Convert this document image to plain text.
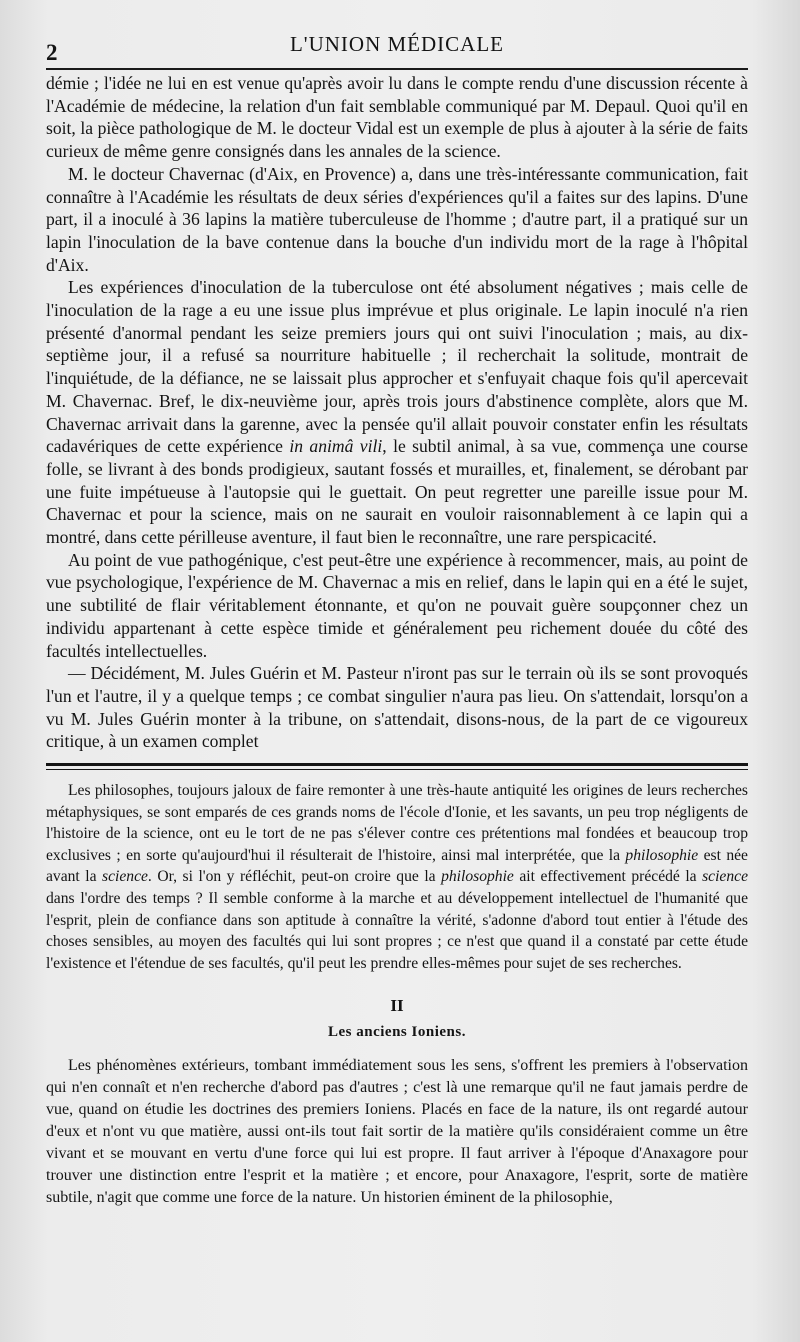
2	L'UNION MÉDICALE

démie ; l'idée ne lui en est venue qu'après avoir lu dans le compte rendu d'une discussion récente à l'Académie de médecine, la relation d'un fait semblable communiqué par M. Depaul. Quoi qu'il en soit, la pièce pathologique de M. le docteur Vidal est un exemple de plus à ajouter à la série de faits curieux de même genre consignés dans les annales de la science.

M. le docteur Chavernac (d'Aix, en Provence) a, dans une très-intéressante communication, fait connaître à l'Académie les résultats de deux séries d'expériences qu'il a faites sur des lapins. D'une part, il a inoculé à 36 lapins la matière tuberculeuse de l'homme ; d'autre part, il a pratiqué sur un lapin l'inoculation de la bave contenue dans la bouche d'un individu mort de la rage à l'hôpital d'Aix.

Les expériences d'inoculation de la tuberculose ont été absolument négatives ; mais celle de l'inoculation de la rage a eu une issue plus imprévue et plus originale. Le lapin inoculé n'a rien présenté d'anormal pendant les seize premiers jours qui ont suivi l'inoculation ; mais, au dix-septième jour, il a refusé sa nourriture habituelle ; il recherchait la solitude, montrait de l'inquiétude, de la défiance, ne se laissait plus approcher et s'enfuyait chaque fois qu'il apercevait M. Chavernac. Bref, le dix-neuvième jour, après trois jours d'abstinence complète, alors que M. Chavernac arrivait dans la garenne, avec la pensée qu'il allait pouvoir constater enfin les résultats cadavériques de cette expérience in animâ vili, le subtil animal, à sa vue, commença une course folle, se livrant à des bonds prodigieux, sautant fossés et murailles, et, finalement, se dérobant par une fuite impétueuse à l'autopsie qui le guettait. On peut regretter une pareille issue pour M. Chavernac et pour la science, mais on ne saurait en vouloir raisonnablement à ce lapin qui a montré, dans cette périlleuse aventure, il faut bien le reconnaître, une rare perspicacité.

Au point de vue pathogénique, c'est peut-être une expérience à recommencer, mais, au point de vue psychologique, l'expérience de M. Chavernac a mis en relief, dans le lapin qui en a été le sujet, une subtilité de flair véritablement étonnante, et qu'on ne pouvait guère soupçonner chez un individu appartenant à cette espèce timide et généralement peu richement douée du côté des facultés intellectuelles.

— Décidément, M. Jules Guérin et M. Pasteur n'iront pas sur le terrain où ils se sont provoqués l'un et l'autre, il y a quelque temps ; ce combat singulier n'aura pas lieu. On s'attendait, lorsqu'on a vu M. Jules Guérin monter à la tribune, on s'attendait, disons-nous, de la part de ce vigoureux critique, à un examen complet

Les philosophes, toujours jaloux de faire remonter à une très-haute antiquité les origines de leurs recherches métaphysiques, se sont emparés de ces grands noms de l'école d'Ionie, et les savants, un peu trop négligents de l'histoire de la science, ont eu le tort de ne pas s'élever contre ces prétentions mal fondées et beaucoup trop exclusives ; en sorte qu'aujourd'hui il résulterait de l'histoire, ainsi mal interprétée, que la philosophie est née avant la science. Or, si l'on y réfléchit, peut-on croire que la philosophie ait effectivement précédé la science dans l'ordre des temps ? Il semble conforme à la marche et au développement intellectuel de l'humanité que l'esprit, plein de confiance dans son aptitude à connaître la vérité, s'adonne d'abord tout entier à l'étude des choses sensibles, au moyen des facultés qui lui sont propres ; ce n'est que quand il a constaté par cette étude l'existence et l'étendue de ses facultés, qu'il peut les prendre elles-mêmes pour sujet de ses recherches.

II
Les anciens Ioniens.

Les phénomènes extérieurs, tombant immédiatement sous les sens, s'offrent les premiers à l'observation qui n'en connaît et n'en recherche d'abord pas d'autres ; c'est là une remarque qu'il ne faut jamais perdre de vue, quand on étudie les doctrines des premiers Ioniens. Placés en face de la nature, ils ont regardé autour d'eux et n'ont vu que matière, aussi ont-ils tout fait sortir de la matière qu'ils considéraient comme un être vivant et se mouvant en vertu d'une force qui lui est propre. Il faut arriver à l'époque d'Anaxagore pour trouver une distinction entre l'esprit et la matière ; et encore, pour Anaxagore, l'esprit, sorte de matière subtile, n'agit que comme une force de la nature. Un historien éminent de la philosophie,
